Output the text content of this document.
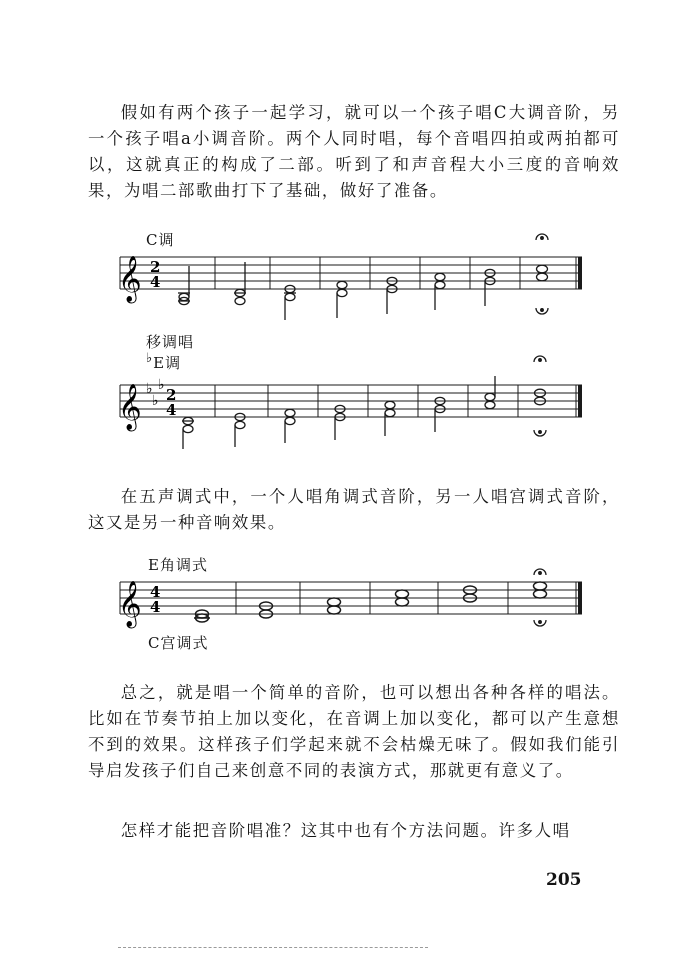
假如有两个孩子一起学习，就可以一个孩子唱C大调音阶，另一个孩子唱a小调音阶。两个人同时唱，每个音唱四拍或两拍都可以，这就真正的构成了二部。听到了和声音程大小三度的音响效果，为唱二部歌曲打下了基础，做好了准备。

C调

𝄞 2
4

移调唱

♭E调

𝄞 ♭
♭
♭
2
4

在五声调式中，一个人唱角调式音阶，另一人唱宫调式音阶，这又是另一种音响效果。

E角调式

𝄞 4
4

C宫调式

总之，就是唱一个简单的音阶，也可以想出各种各样的唱法。比如在节奏节拍上加以变化，在音调上加以变化，都可以产生意想不到的效果。这样孩子们学起来就不会枯燥无味了。假如我们能引导启发孩子们自己来创意不同的表演方式，那就更有意义了。

怎样才能把音阶唱准？这其中也有个方法问题。许多人唱

205
